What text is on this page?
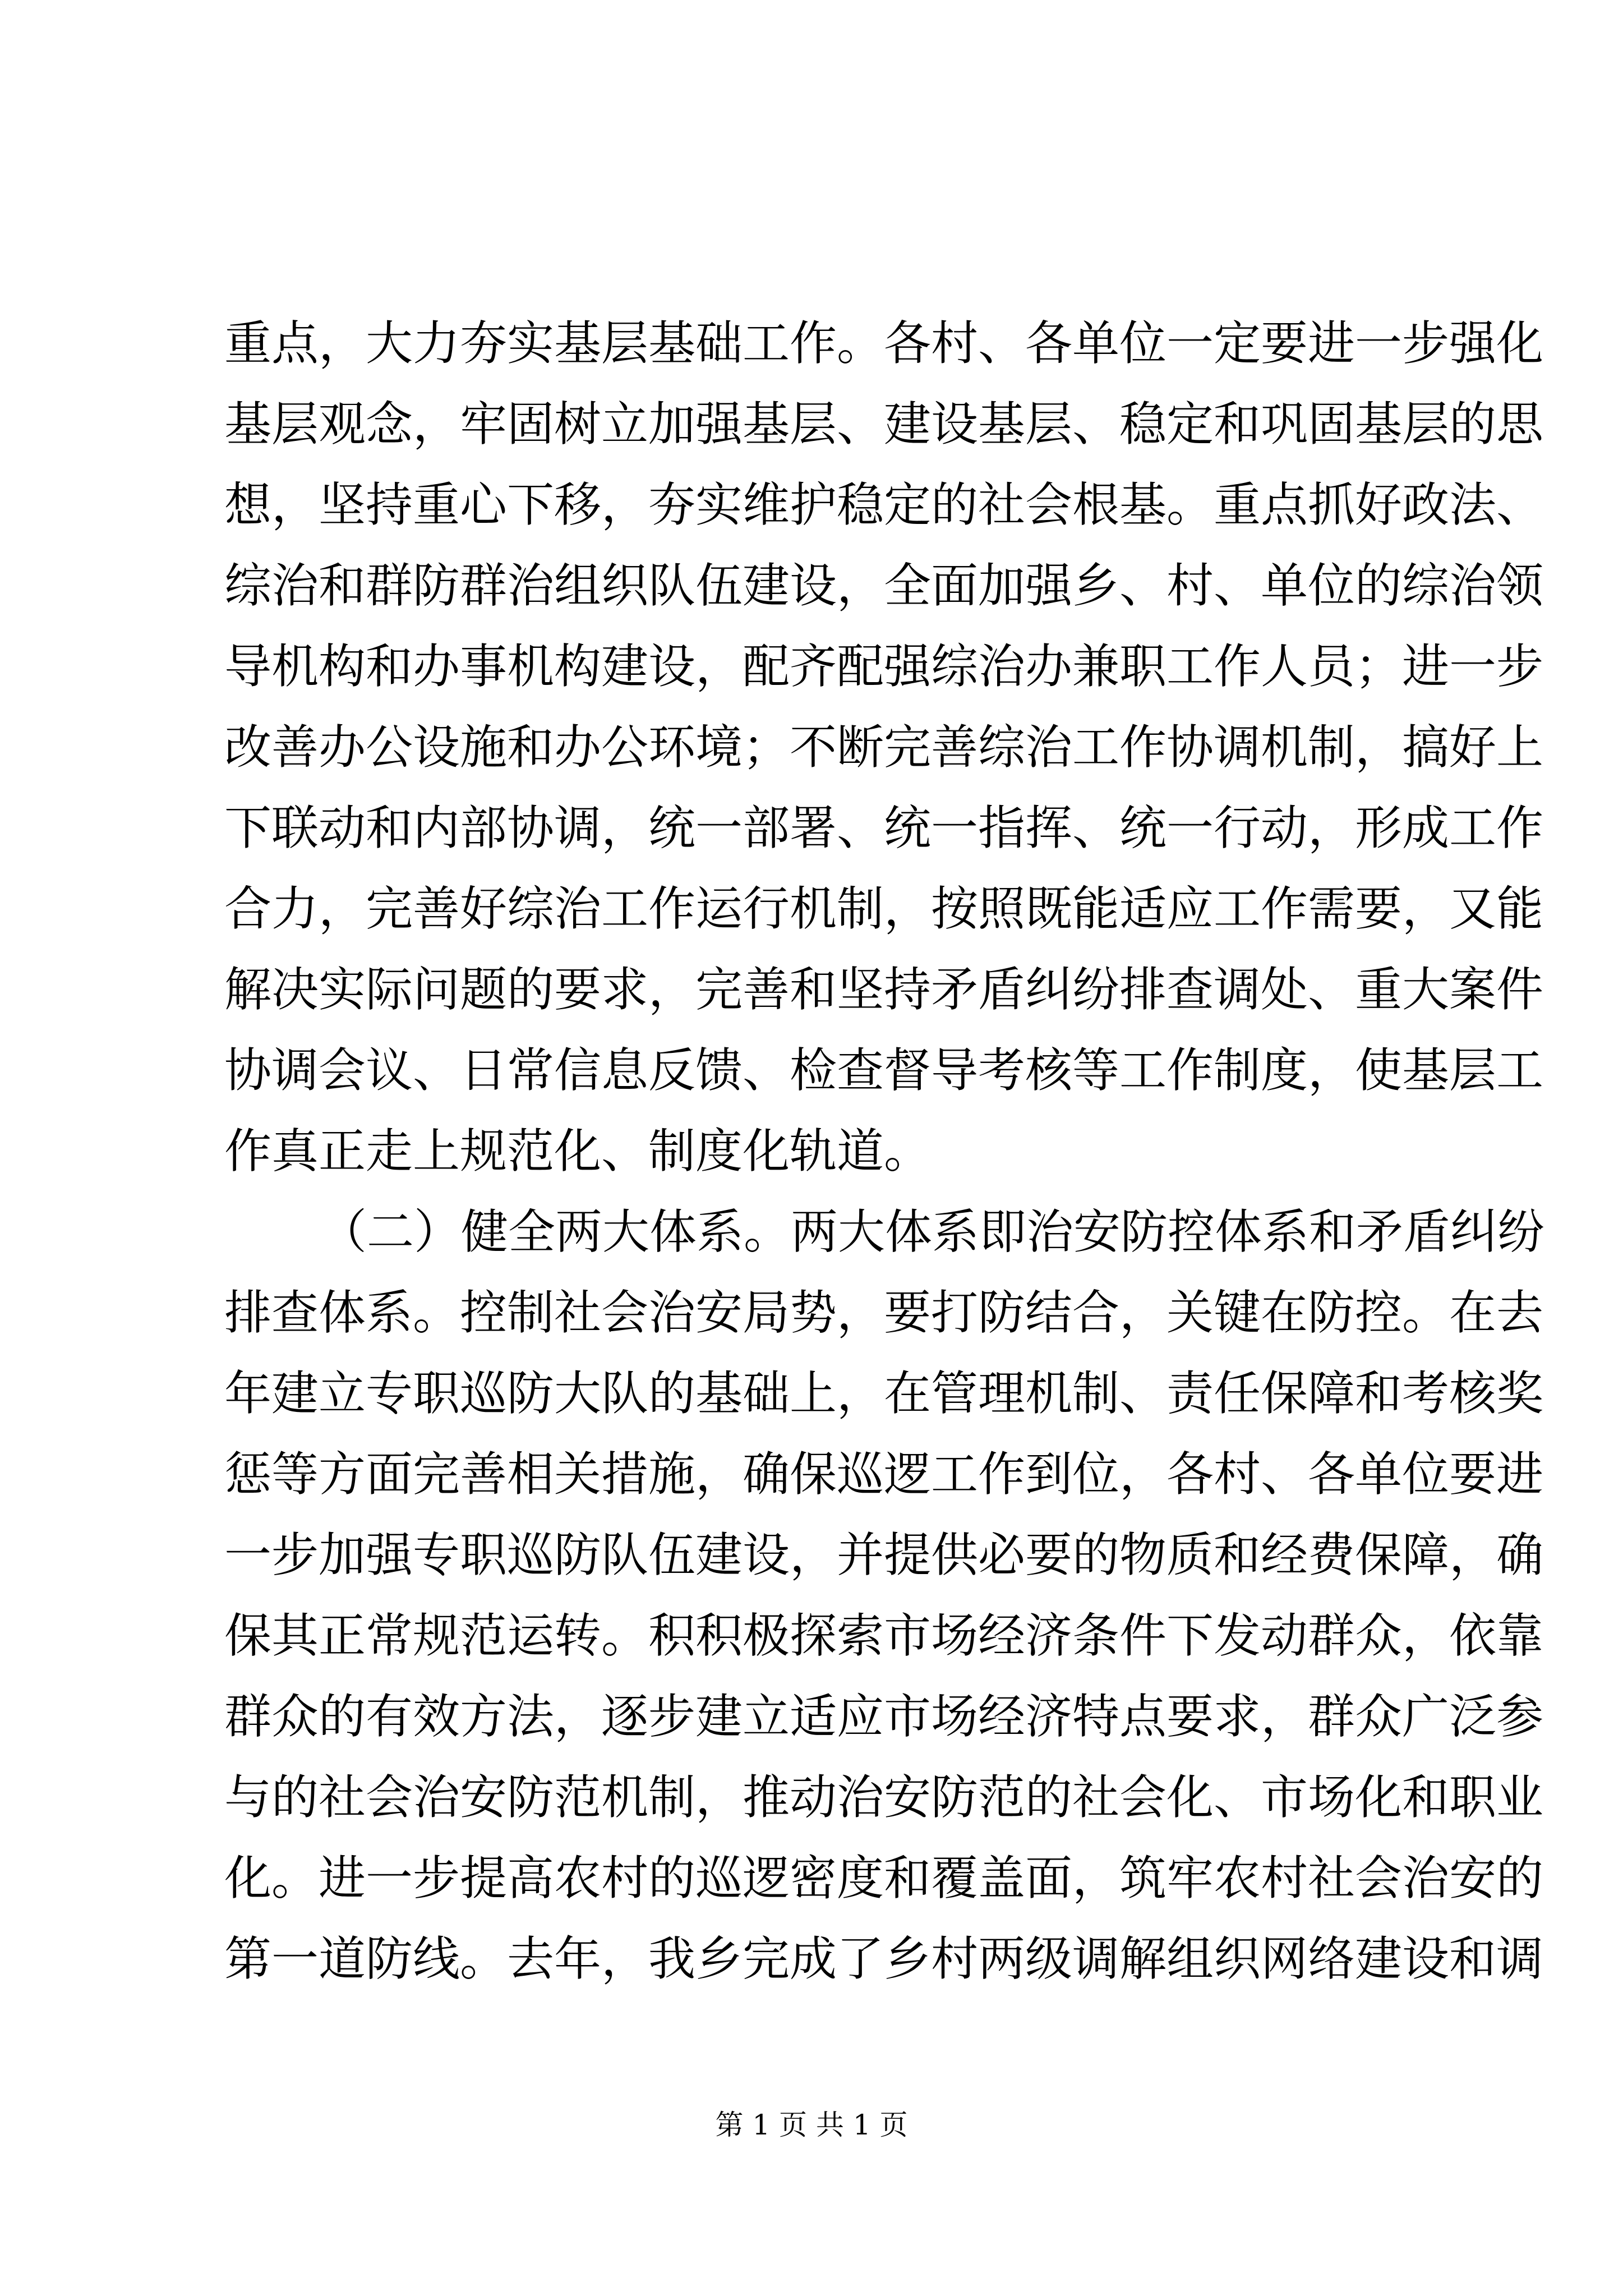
重点，大力夯实基层基础工作。各村、各单位一定要进一步强化
基层观念，牢固树立加强基层、建设基层、稳定和巩固基层的思
想，坚持重心下移，夯实维护稳定的社会根基。重点抓好政法、
综治和群防群治组织队伍建设，全面加强乡、村、单位的综治领
导机构和办事机构建设，配齐配强综治办兼职工作人员；进一步
改善办公设施和办公环境；不断完善综治工作协调机制，搞好上
下联动和内部协调，统一部署、统一指挥、统一行动，形成工作
合力，完善好综治工作运行机制，按照既能适应工作需要，又能
解决实际问题的要求，完善和坚持矛盾纠纷排查调处、重大案件
协调会议、日常信息反馈、检查督导考核等工作制度，使基层工
作真正走上规范化、制度化轨道。
（二）健全两大体系。两大体系即治安防控体系和矛盾纠纷
排查体系。控制社会治安局势，要打防结合，关键在防控。在去
年建立专职巡防大队的基础上，在管理机制、责任保障和考核奖
惩等方面完善相关措施，确保巡逻工作到位，各村、各单位要进
一步加强专职巡防队伍建设，并提供必要的物质和经费保障，确
保其正常规范运转。积积极探索市场经济条件下发动群众，依靠
群众的有效方法，逐步建立适应市场经济特点要求，群众广泛参
与的社会治安防范机制，推动治安防范的社会化、市场化和职业
化。进一步提高农村的巡逻密度和覆盖面，筑牢农村社会治安的
第一道防线。去年，我乡完成了乡村两级调解组织网络建设和调
第 1 页 共 1 页
